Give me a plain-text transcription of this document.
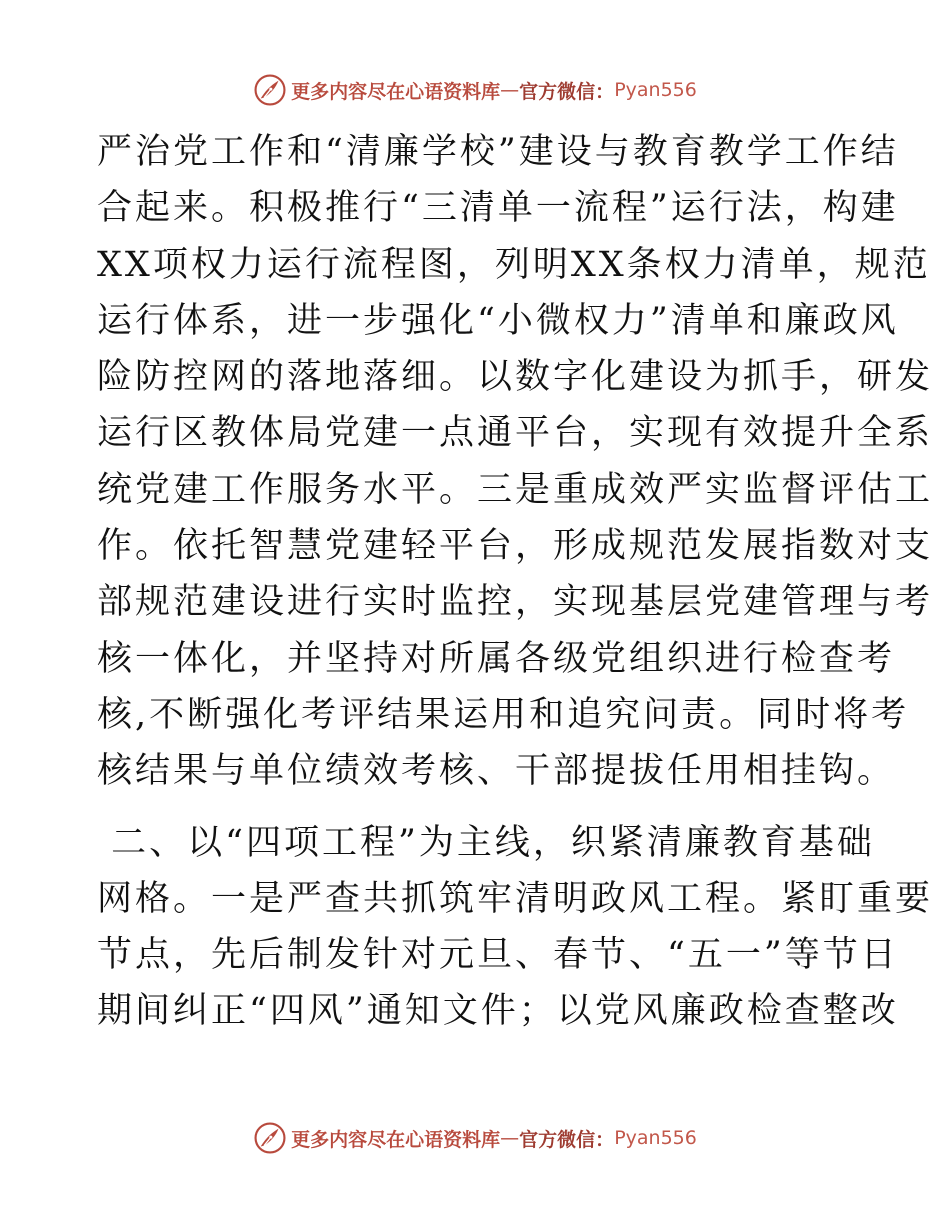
更多内容尽在心语资料库 — 官方微信： Pyan556
严治党工作和“清廉学校”建设与教育教学工作结
合起来。积极推行“三清单一流程”运行法，构建
XX项权力运行流程图，列明XX条权力清单，规范
运行体系，进一步强化“小微权力”清单和廉政风
险防控网的落地落细。以数字化建设为抓手，研发
运行区教体局党建一点通平台，实现有效提升全系
统党建工作服务水平。三是重成效严实监督评估工
作。依托智慧党建轻平台，形成规范发展指数对支
部规范建设进行实时监控，实现基层党建管理与考
核一体化，并坚持对所属各级党组织进行检查考
核,不断强化考评结果运用和追究问责。同时将考
核结果与单位绩效考核、干部提拔任用相挂钩。
二、以“四项工程”为主线，织紧清廉教育基础
网格。一是严查共抓筑牢清明政风工程。紧盯重要
节点，先后制发针对元旦、春节、“五一”等节日
期间纠正“四风”通知文件；以党风廉政检查整改
更多内容尽在心语资料库 — 官方微信： Pyan556
